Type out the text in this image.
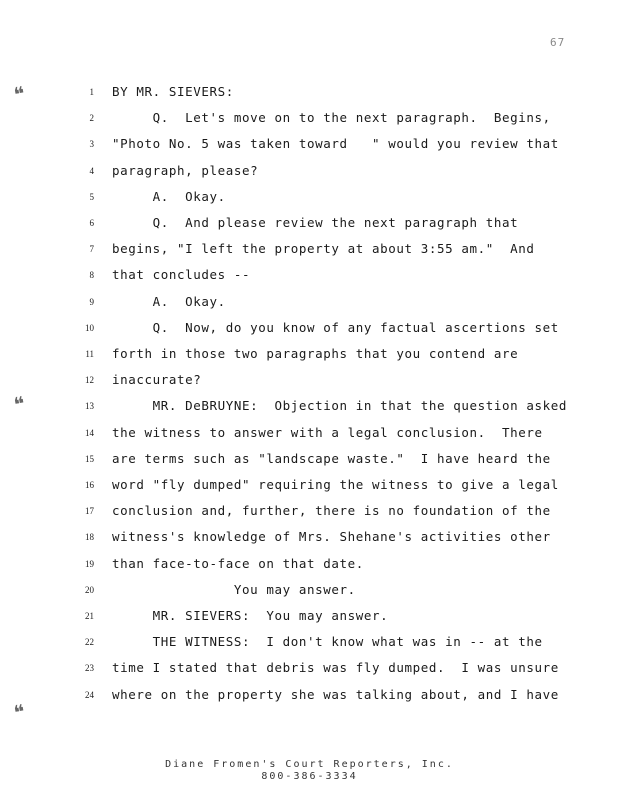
67
❝
❝
❝
1 BY MR. SIEVERS:
2 Q.  Let's move on to the next paragraph.  Begins,
3 "Photo No. 5 was taken toward   " would you review that
4 paragraph, please?
5 A.  Okay.
6 Q.  And please review the next paragraph that
7 begins, "I left the property at about 3:55 am."  And
8 that concludes --
9 A.  Okay.
10 Q.  Now, do you know of any factual ascertions set
11 forth in those two paragraphs that you contend are
12 inaccurate?
13 MR. DeBRUYNE:  Objection in that the question asked
14 the witness to answer with a legal conclusion.  There
15 are terms such as "landscape waste."  I have heard the
16 word "fly dumped" requiring the witness to give a legal
17 conclusion and, further, there is no foundation of the
18 witness's knowledge of Mrs. Shehane's activities other
19 than face-to-face on that date.
20 You may answer.
21 MR. SIEVERS:  You may answer.
22 THE WITNESS:  I don't know what was in -- at the
23 time I stated that debris was fly dumped.  I was unsure
24 where on the property she was talking about, and I have
Diane Fromen's Court Reporters, Inc.
800-386-3334
